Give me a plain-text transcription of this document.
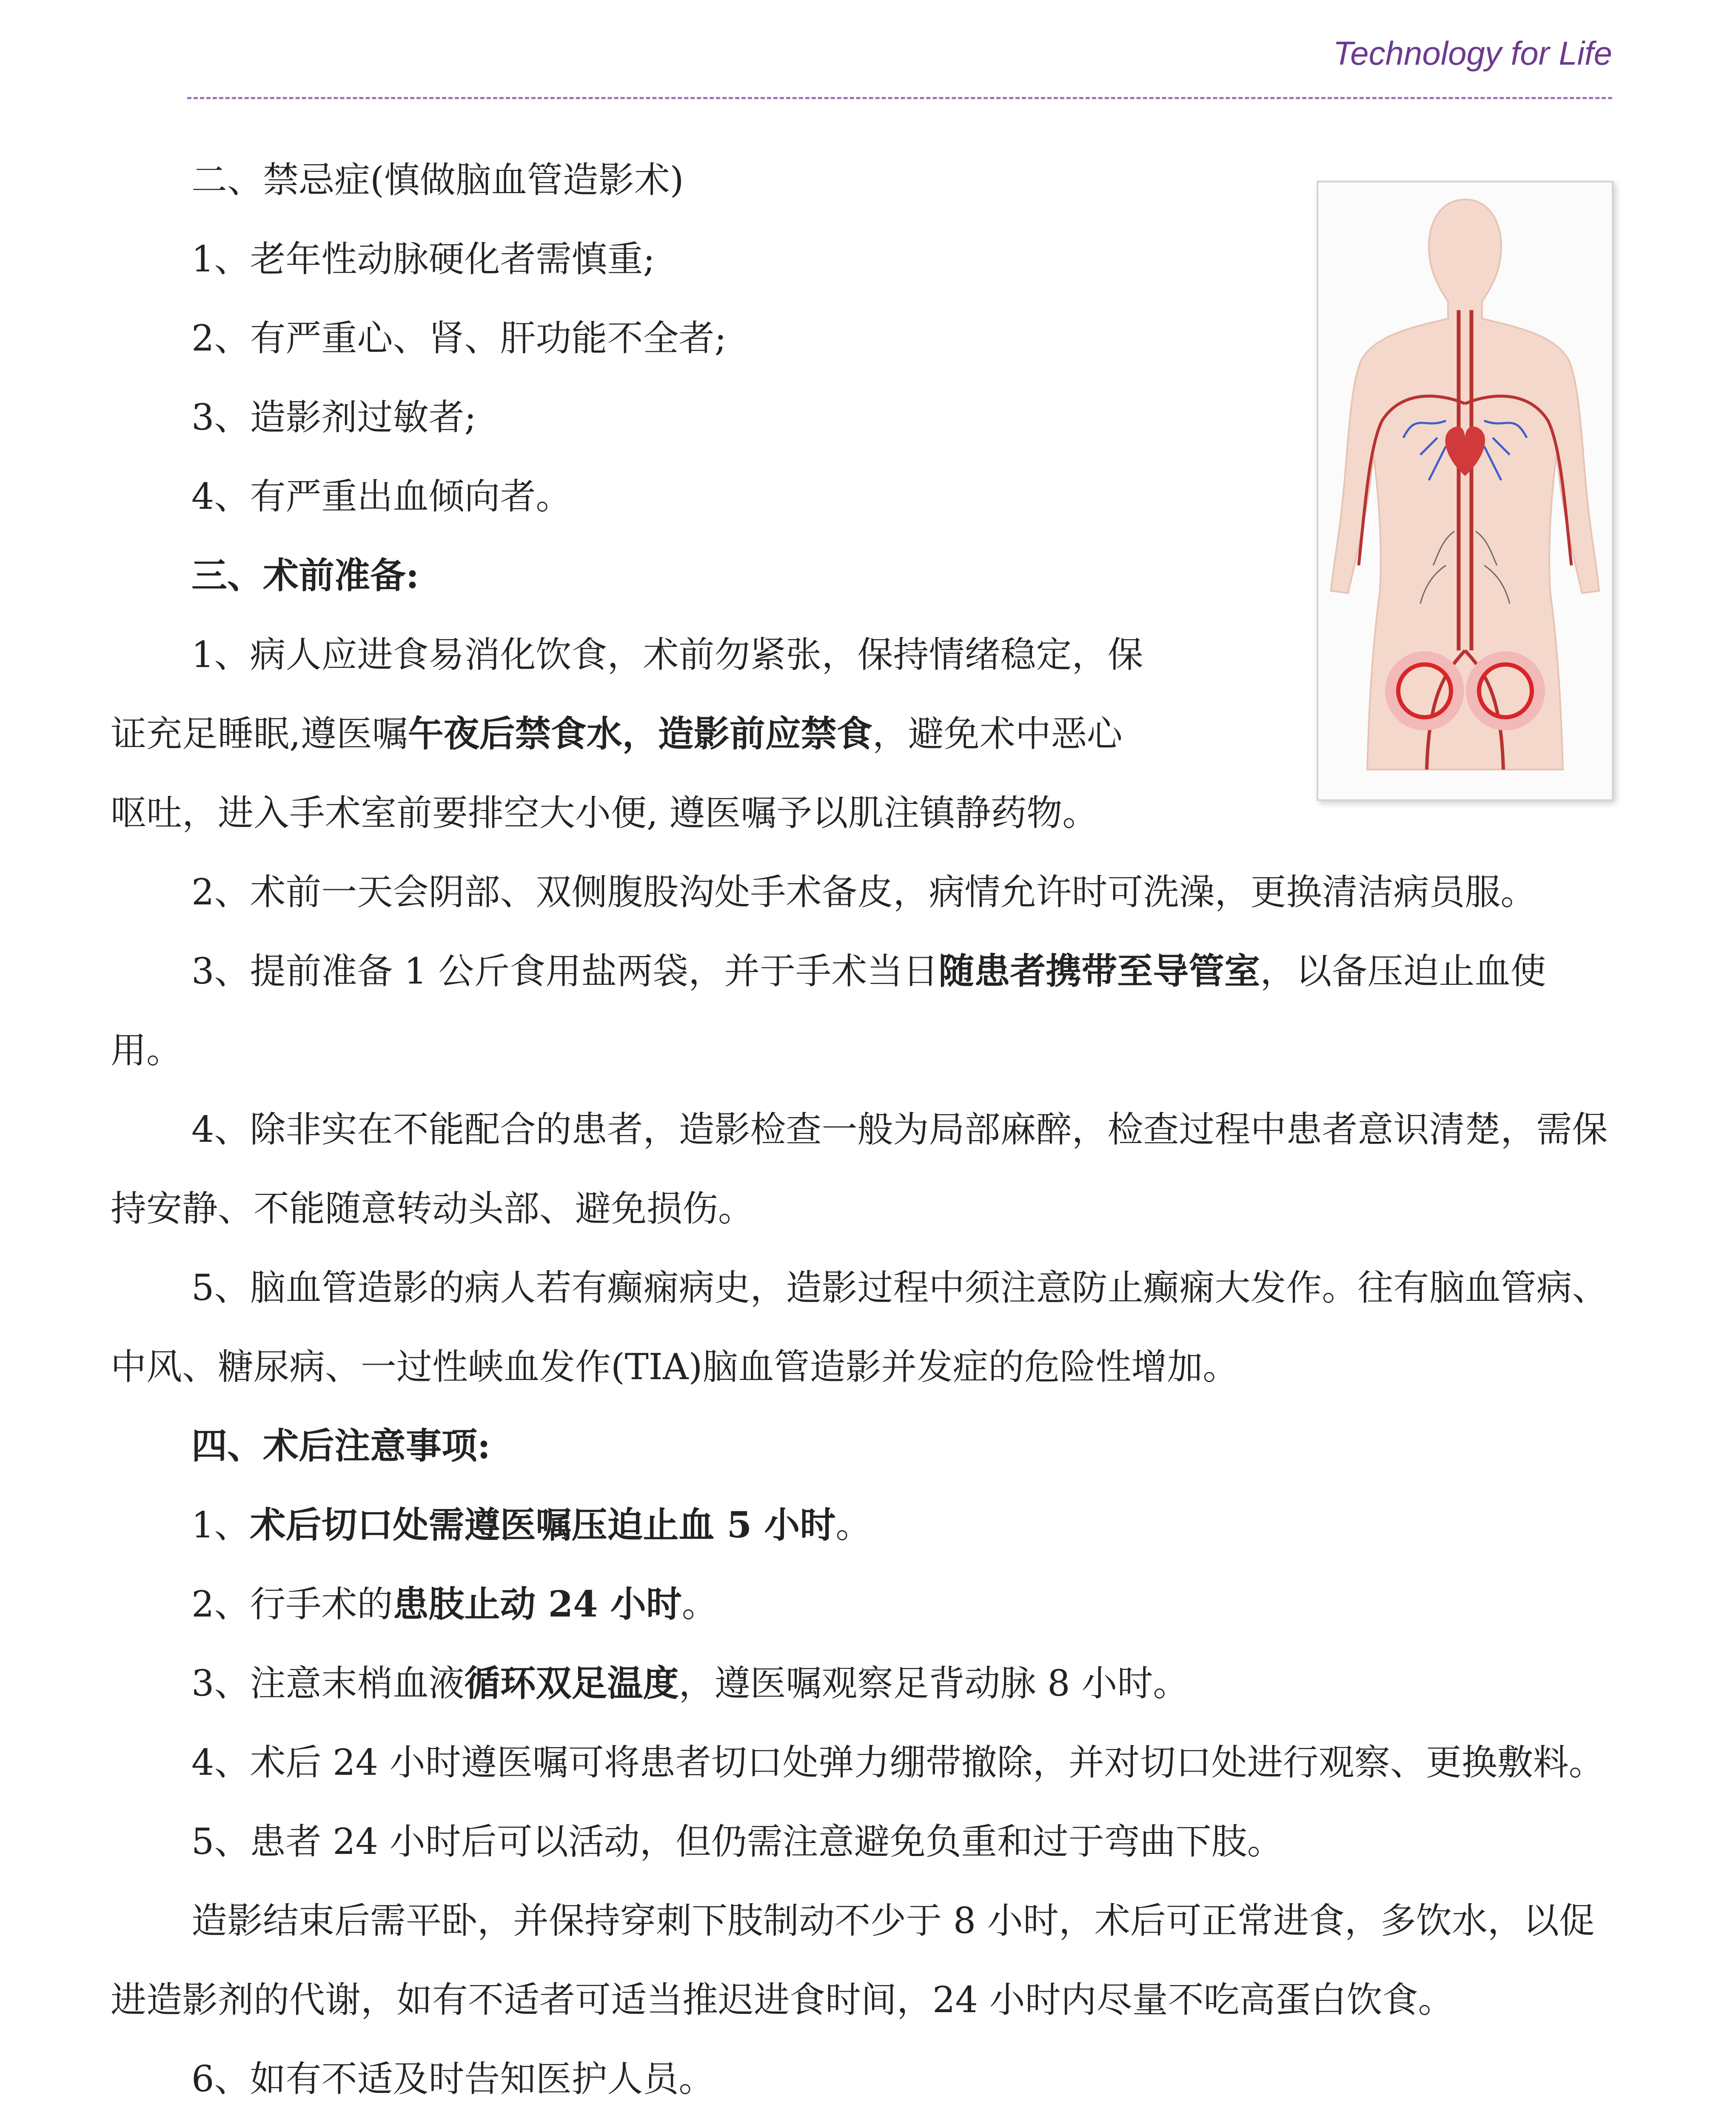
Technology for Life

二、禁忌症(慎做脑血管造影术)

1、老年性动脉硬化者需慎重;

2、有严重心、肾、肝功能不全者;

3、造影剂过敏者;

4、有严重出血倾向者。

三、术前准备:

1、病人应进食易消化饮食，术前勿紧张，保持情绪稳定，保

证充足睡眠,遵医嘱午夜后禁食水，造影前应禁食，避免术中恶心

呕吐，进入手术室前要排空大小便, 遵医嘱予以肌注镇静药物。

2、术前一天会阴部、双侧腹股沟处手术备皮，病情允许时可洗澡，更换清洁病员服。

3、提前准备 1 公斤食用盐两袋，并于手术当日随患者携带至导管室，以备压迫止血使用。

4、除非实在不能配合的患者，造影检查一般为局部麻醉，检查过程中患者意识清楚，需保持安静、不能随意转动头部、避免损伤。

5、脑血管造影的病人若有癫痫病史，造影过程中须注意防止癫痫大发作。往有脑血管病、中风、糖尿病、一过性峡血发作(TIA)脑血管造影并发症的危险性增加。

四、术后注意事项:

1、术后切口处需遵医嘱压迫止血 5 小时。

2、行手术的患肢止动 24 小时。

3、注意末梢血液循环双足温度，遵医嘱观察足背动脉 8 小时。

4、术后 24 小时遵医嘱可将患者切口处弹力绷带撤除，并对切口处进行观察、更换敷料。

5、患者 24 小时后可以活动，但仍需注意避免负重和过于弯曲下肢。

造影结束后需平卧，并保持穿刺下肢制动不少于 8 小时，术后可正常进食，多饮水，以促进造影剂的代谢，如有不适者可适当推迟进食时间，24 小时内尽量不吃高蛋白饮食。

6、如有不适及时告知医护人员。
